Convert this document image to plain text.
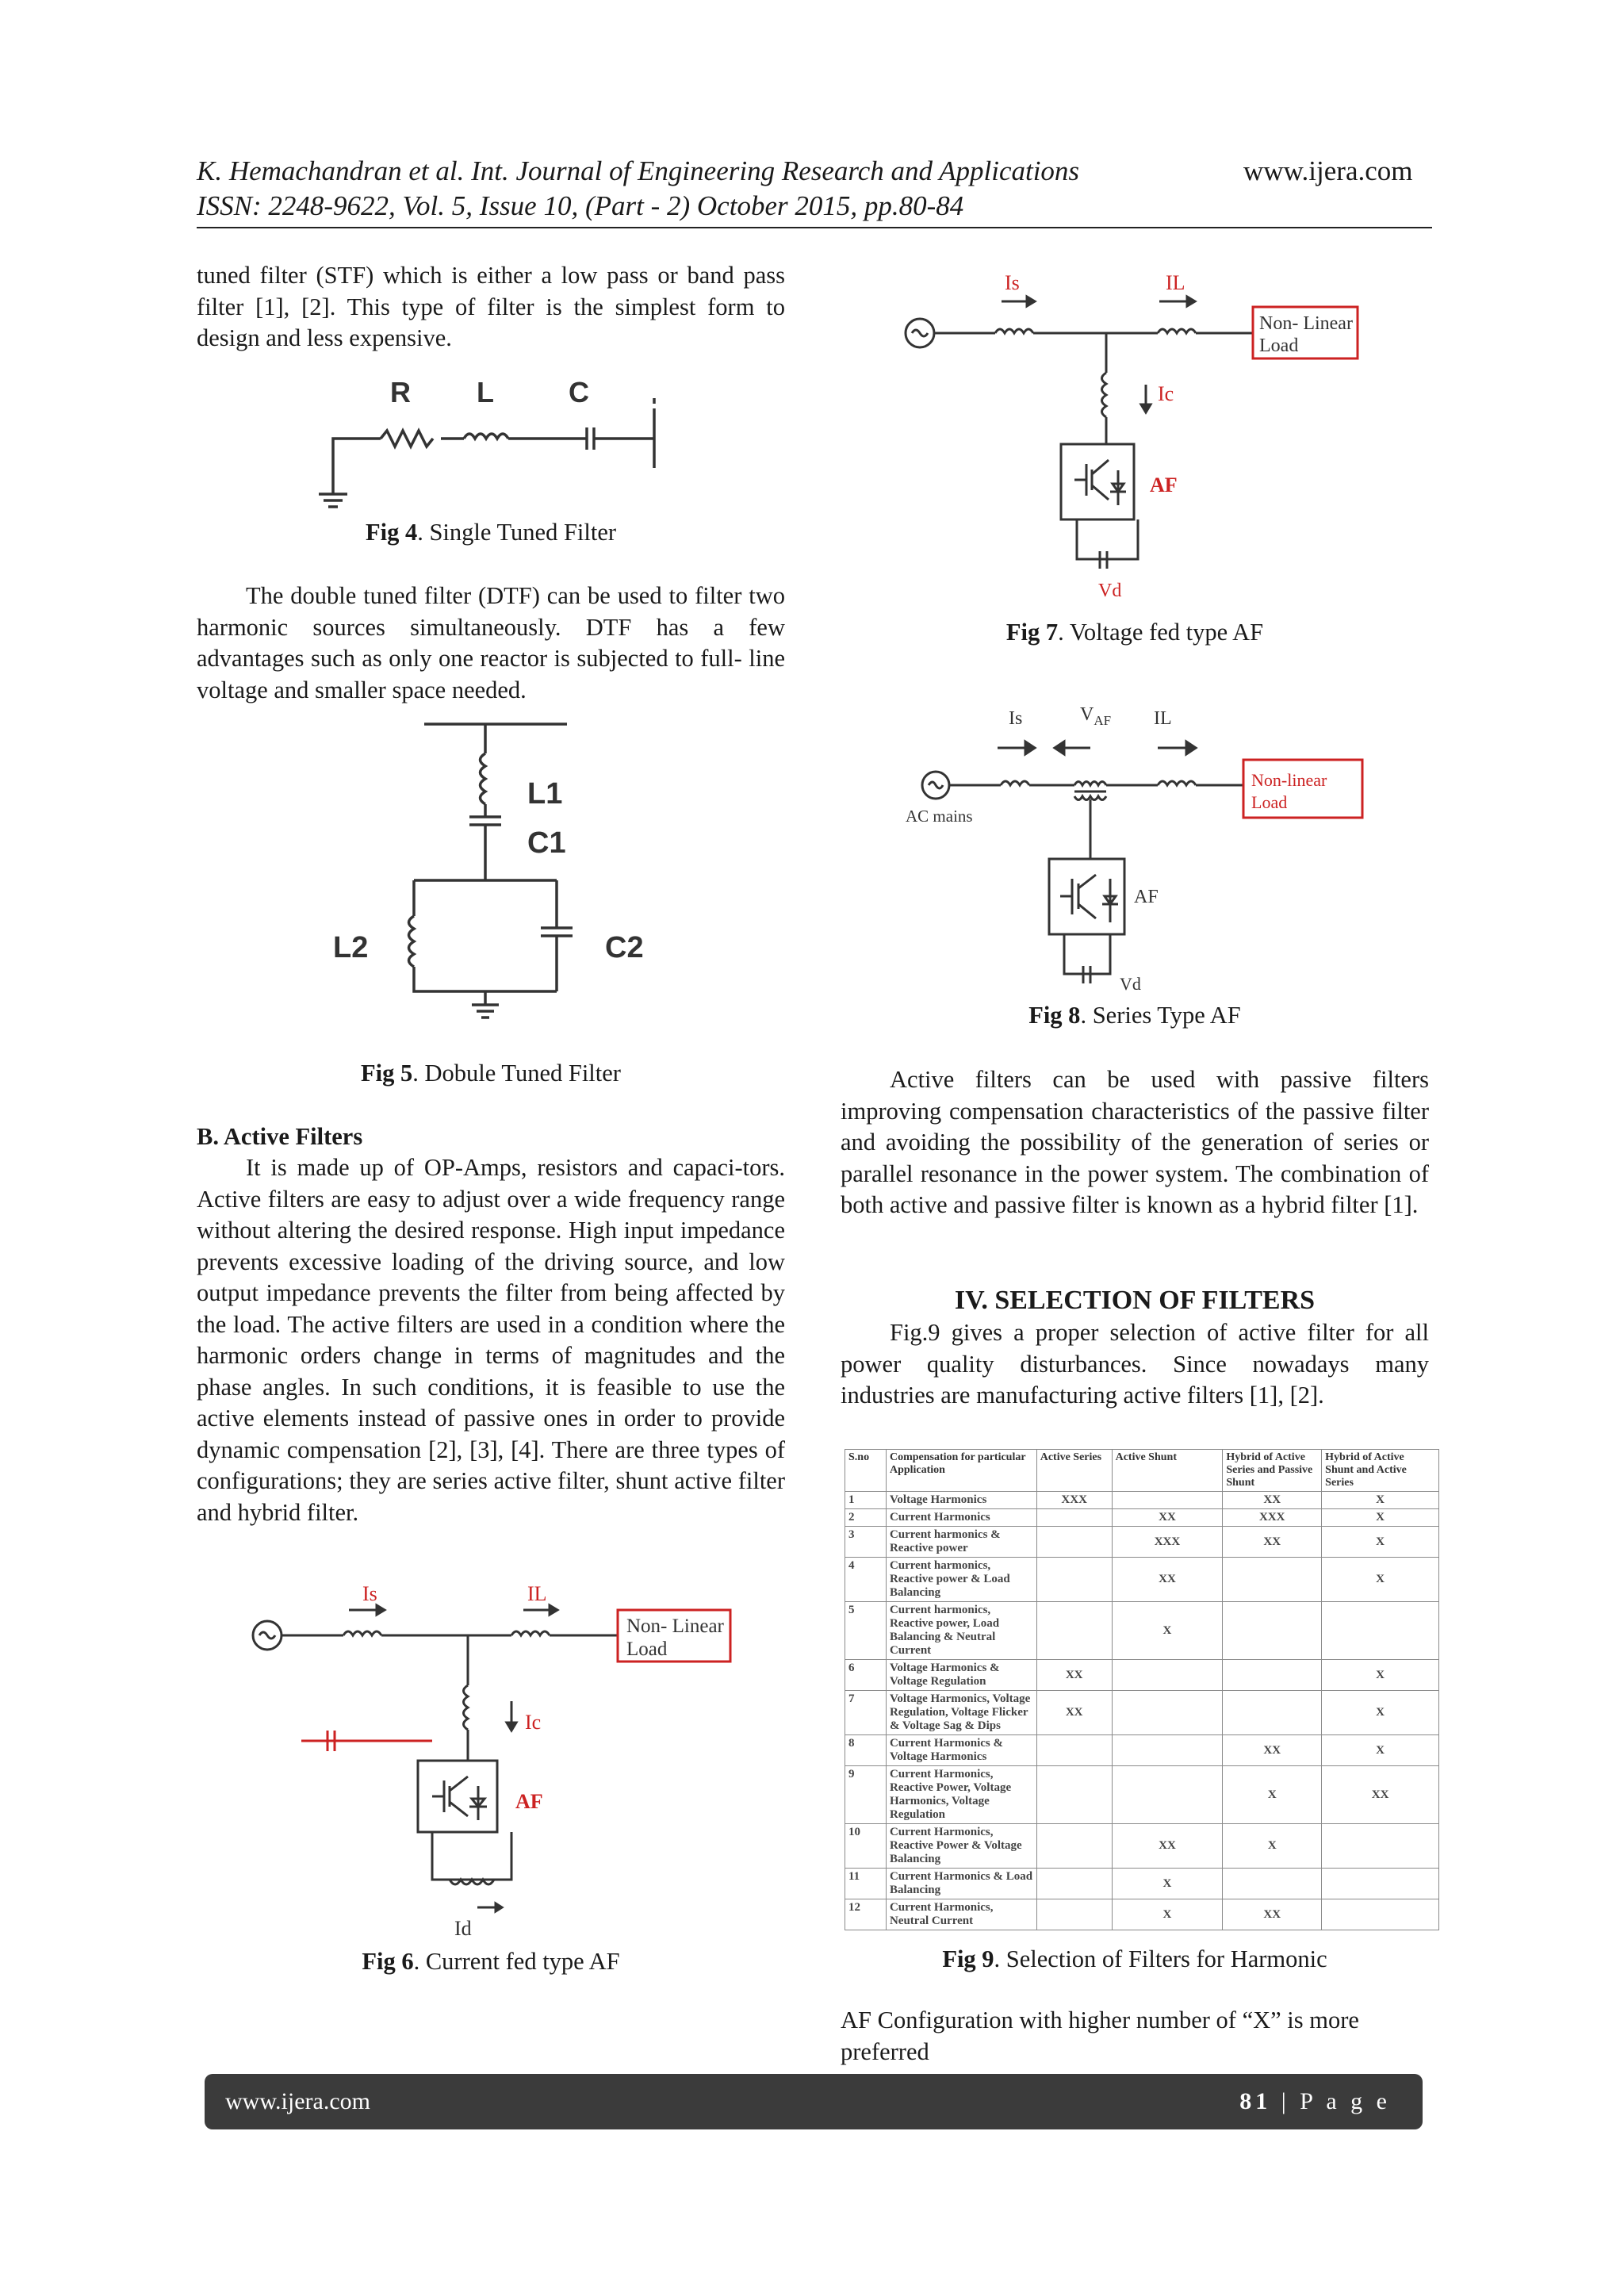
K. Hemachandran et al. Int. Journal of Engineering Research and Applications	www.ijera.com
ISSN: 2248-9622, Vol. 5, Issue 10, (Part - 2) October 2015, pp.80-84
tuned filter (STF) which is either a low pass or band pass filter [1], [2]. This type of filter is the simplest form to design and less expensive.
R L	C
Fig 4. Single Tuned Filter
The double tuned filter (DTF) can be used to filter two harmonic sources simultaneously. DTF has a few advantages such as only one reactor is subjected to full- line voltage and smaller space needed.
L1
C1
L2	C2
Fig 5. Dobule Tuned Filter
B. Active Filters
It is made up of OP-Amps, resistors and capaci-tors. Active filters are easy to adjust over a wide frequency range without altering the desired response. High input impedance prevents excessive loading of the driving source, and low output impedance prevents the filter from being affected by the load. The active filters are used in a condition where the harmonic orders change in terms of magnitudes and the phase angles. In such conditions, it is feasible to use the active elements instead of passive ones in order to provide dynamic compensation [2], [3], [4]. There are three types of configurations; they are series active filter, shunt active filter and hybrid filter.
Is	IL
Ic
AF
Non- Linear
Load
Id
Fig 6. Current fed type AF
Is	IL
Ic
AF
Vd
Non- Linear
Load
Fig 7. Voltage fed type AF
Is	$V_{AF}$ IL
AC mains
AF
Vd
Non-linear
Load
Fig 8. Series Type AF
Active filters can be used with passive filters improving compensation characteristics of the passive filter and avoiding the possibility of the generation of series or parallel resonance in the power system. The combination of both active and passive filter is known as a hybrid filter [1].
IV. SELECTION OF FILTERS
Fig.9 gives a proper selection of active filter for all power quality disturbances. Since nowadays many industries are manufacturing active filters [1], [2].
S.no	Compensation for particular Application	Active Series	Active Shunt	Hybrid of Active Series and Passive Shunt	Hybrid of Active Shunt and Active Series
1	Voltage Harmonics	XXX		XX	X
2	Current Harmonics		XX	XXX	X
3	Current harmonics & Reactive power		XXX	XX	X
4	Current harmonics, Reactive power & Load Balancing		XX		X
5	Current harmonics, Reactive power, Load Balancing & Neutral Current		X		
6	Voltage Harmonics & Voltage Regulation	XX			X
7	Voltage Harmonics, Voltage Regulation, Voltage Flicker & Voltage Sag & Dips	XX			X
8	Current Harmonics & Voltage Harmonics			XX	X
9	Current Harmonics, Reactive Power, Voltage Harmonics, Voltage Regulation			X	XX
10	Current Harmonics, Reactive Power & Voltage Balancing		XX	X	
11	Current Harmonics & Load Balancing		X		
12	Current Harmonics, Neutral Current		X	XX	
Fig 9. Selection of Filters for Harmonic
AF Configuration with higher number of “X” is more preferred
www.ijera.com	81 | P a g e
